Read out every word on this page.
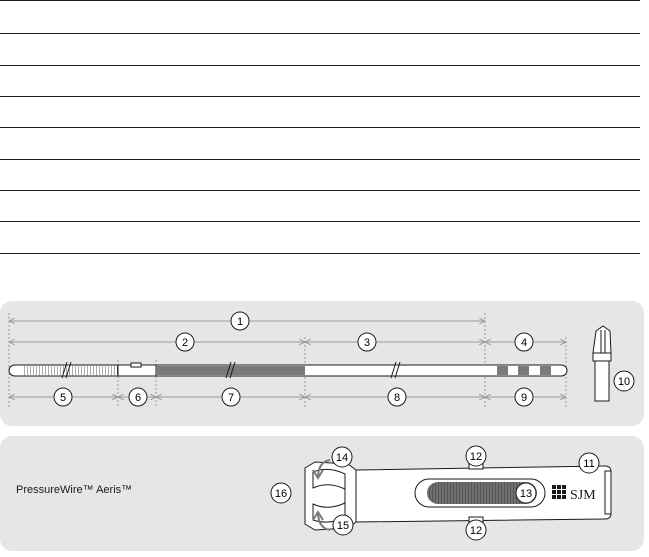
1
2	3	4
5	6	7	8	9
10
SJM
11
12
12
13
14
15
16
PressureWire™ Aeris™
